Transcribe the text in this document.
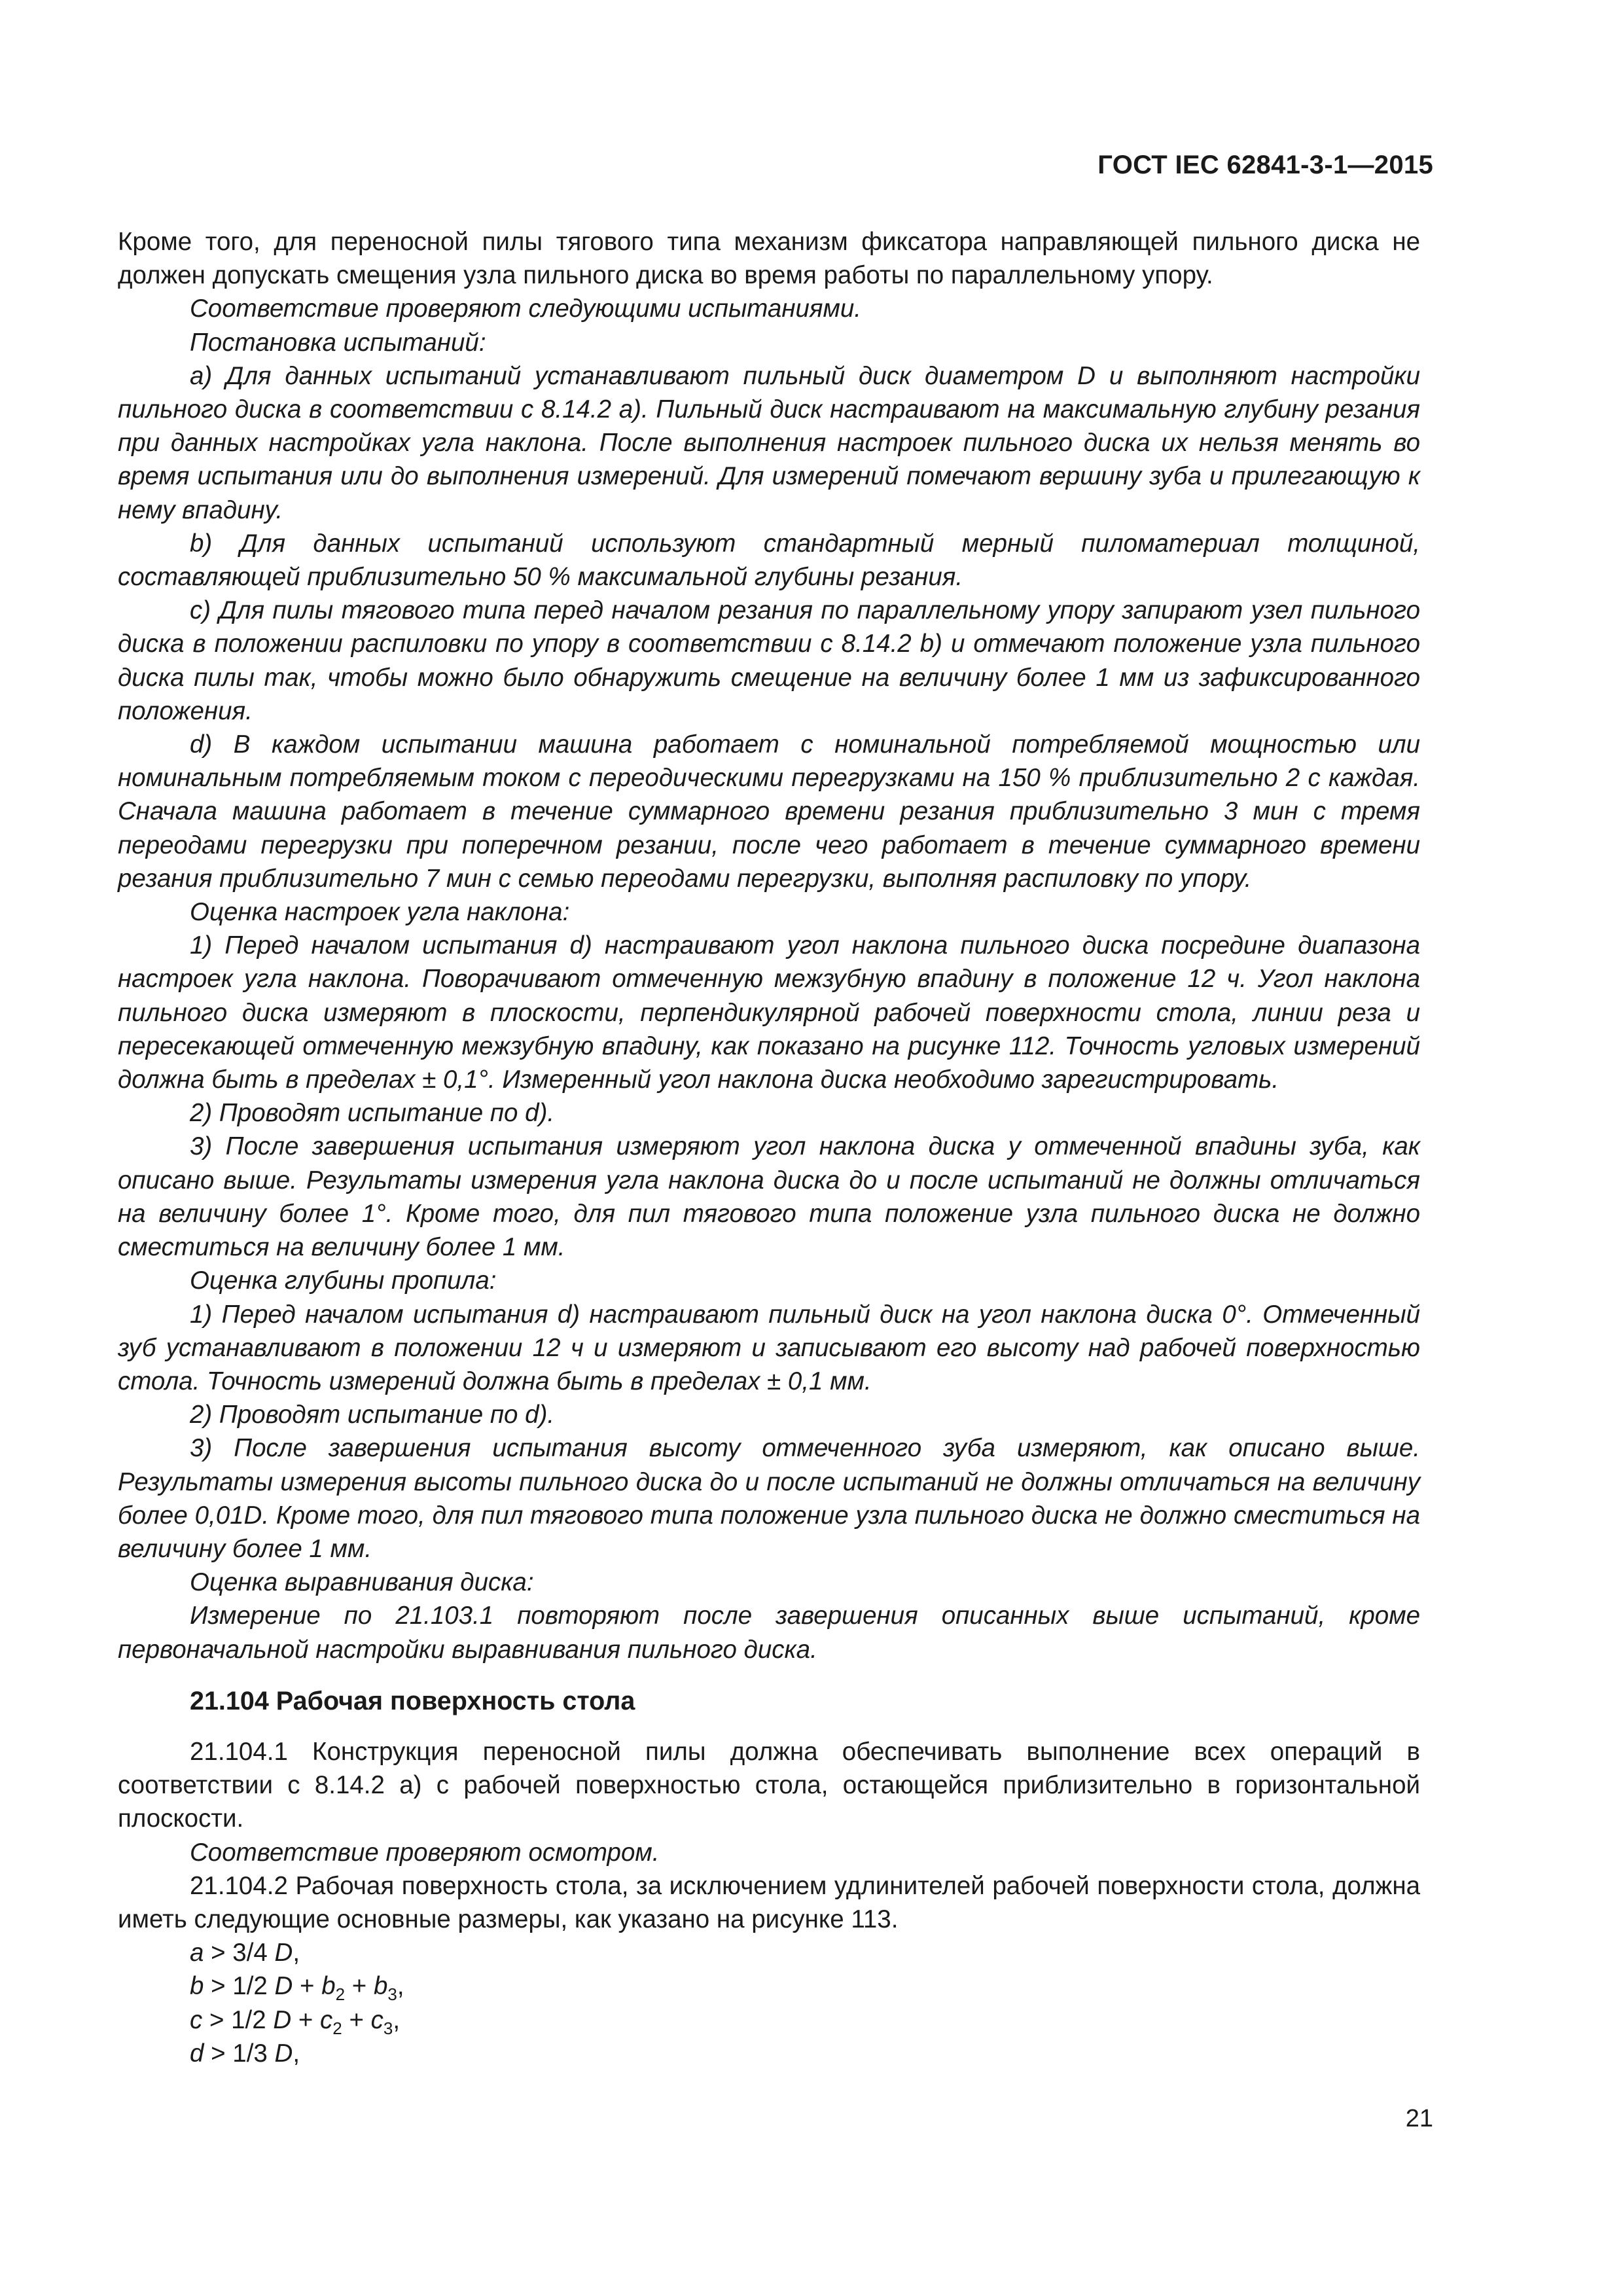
ГОСТ IEC 62841-3-1—2015

Кроме того, для переносной пилы тягового типа механизм фиксатора направляющей пильного диска не должен допускать смещения узла пильного диска во время работы по параллельному упору.

Соответствие проверяют следующими испытаниями.

Постановка испытаний:

а) Для данных испытаний устанавливают пильный диск диаметром D и выполняют настройки пильного диска в соответствии с 8.14.2 а). Пильный диск настраивают на максимальную глубину резания при данных настройках угла наклона. После выполнения настроек пильного диска их нельзя менять во время испытания или до выполнения измерений. Для измерений помечают вершину зуба и прилегающую к нему впадину.

b) Для данных испытаний используют стандартный мерный пиломатериал толщиной, составляющей приблизительно 50 % максимальной глубины резания.

c) Для пилы тягового типа перед началом резания по параллельному упору запирают узел пильного диска в положении распиловки по упору в соответствии с 8.14.2 b) и отмечают положение узла пильного диска пилы так, чтобы можно было обнаружить смещение на величину более 1 мм из зафиксированного положения.

d) В каждом испытании машина работает с номинальной потребляемой мощностью или номинальным потребляемым током с переодическими перегрузками на 150 % приблизительно 2 с каждая. Сначала машина работает в течение суммарного времени резания приблизительно 3 мин с тремя переодами перегрузки при поперечном резании, после чего работает в течение суммарного времени резания приблизительно 7 мин с семью переодами перегрузки, выполняя распиловку по упору.

Оценка настроек угла наклона:

1) Перед началом испытания d) настраивают угол наклона пильного диска посредине диапазона настроек угла наклона. Поворачивают отмеченную межзубную впадину в положение 12 ч. Угол наклона пильного диска измеряют в плоскости, перпендикулярной рабочей поверхности стола, линии реза и пересекающей отмеченную межзубную впадину, как показано на рисунке 112. Точность угловых измерений должна быть в пределах ± 0,1°. Измеренный угол наклона диска необходимо зарегистрировать.

2) Проводят испытание по d).

3) После завершения испытания измеряют угол наклона диска у отмеченной впадины зуба, как описано выше. Результаты измерения угла наклона диска до и после испытаний не должны отличаться на величину более 1°. Кроме того, для пил тягового типа положение узла пильного диска не должно сместиться на величину более 1 мм.

Оценка глубины пропила:

1) Перед началом испытания d) настраивают пильный диск на угол наклона диска 0°. Отмеченный зуб устанавливают в положении 12 ч и измеряют и записывают его высоту над рабочей поверхностью стола. Точность измерений должна быть в пределах ± 0,1 мм.

2) Проводят испытание по d).

3) После завершения испытания высоту отмеченного зуба измеряют, как описано выше. Результаты измерения высоты пильного диска до и после испытаний не должны отличаться на величину более 0,01D. Кроме того, для пил тягового типа положение узла пильного диска не должно сместиться на величину более 1 мм.

Оценка выравнивания диска:

Измерение по 21.103.1 повторяют после завершения описанных выше испытаний, кроме первоначальной настройки выравнивания пильного диска.

21.104 Рабочая поверхность стола

21.104.1 Конструкция переносной пилы должна обеспечивать выполнение всех операций в соответствии с 8.14.2 а) с рабочей поверхностью стола, остающейся приблизительно в горизонтальной плоскости.

Соответствие проверяют осмотром.

21.104.2 Рабочая поверхность стола, за исключением удлинителей рабочей поверхности стола, должна иметь следующие основные размеры, как указано на рисунке 113.

a > 3/4 D,
b > 1/2 $D + b_2 + b_3$,
c > 1/2 $D + c_2 + c_3$,
d > 1/3 D,
21
